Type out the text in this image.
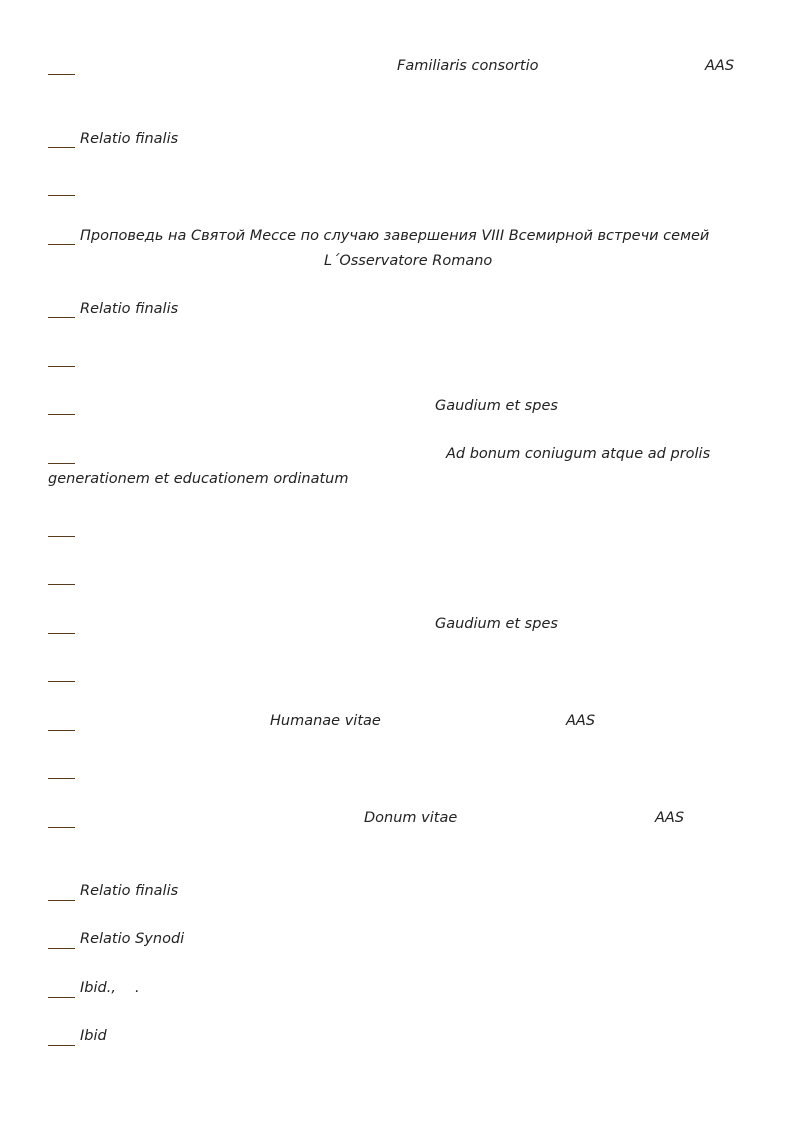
Familiaris consortio	AAS
Relatio finalis
Проповедь на Святой Мессе по случаю завершения VIII Всемирной встречи семей
L´Osservatore Romano
Relatio finalis
Gaudium et spes
Ad bonum coniugum atque ad prolis
generationem et educationem ordinatum
Gaudium et spes
Humanae vitae	AAS
Donum vitae	AAS
Relatio finalis
Relatio Synodi
Ibid., .
Ibid
